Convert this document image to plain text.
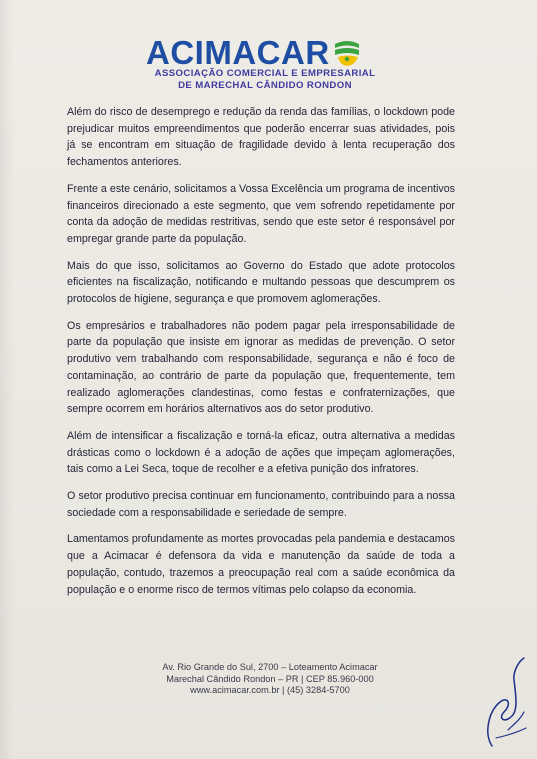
ACIMACAR
ASSOCIAÇÃO COMERCIAL E EMPRESARIAL
DE MARECHAL CÂNDIDO RONDON

Além do risco de desemprego e redução da renda das famílias, o lockdown pode prejudicar muitos empreendimentos que poderão encerrar suas atividades, pois já se encontram em situação de fragilidade devido à lenta recuperação dos fechamentos anteriores.

Frente a este cenário, solicitamos a Vossa Excelência um programa de incentivos financeiros direcionado a este segmento, que vem sofrendo repetidamente por conta da adoção de medidas restritivas, sendo que este setor é responsável por empregar grande parte da população.

Mais do que isso, solicitamos ao Governo do Estado que adote protocolos eficientes na fiscalização, notificando e multando pessoas que descumprem os protocolos de higiene, segurança e que promovem aglomerações.

Os empresários e trabalhadores não podem pagar pela irresponsabilidade de parte da população que insiste em ignorar as medidas de prevenção. O setor produtivo vem trabalhando com responsabilidade, segurança e não é foco de contaminação, ao contrário de parte da população que, frequentemente, tem realizado aglomerações clandestinas, como festas e confraternizações, que sempre ocorrem em horários alternativos aos do setor produtivo.

Além de intensificar a fiscalização e torná-la eficaz, outra alternativa a medidas drásticas como o lockdown é a adoção de ações que impeçam aglomerações, tais como a Lei Seca, toque de recolher e a efetiva punição dos infratores.

O setor produtivo precisa continuar em funcionamento, contribuindo para a nossa sociedade com a responsabilidade e seriedade de sempre.

Lamentamos profundamente as mortes provocadas pela pandemia e destacamos que a Acimacar é defensora da vida e manutenção da saúde de toda a população, contudo, trazemos a preocupação real com a saúde econômica da população e o enorme risco de termos vítimas pelo colapso da economia.

Av. Rio Grande do Sul, 2700 – Loteamento Acimacar
Marechal Cândido Rondon – PR | CEP 85.960-000
www.acimacar.com.br | (45) 3284-5700
